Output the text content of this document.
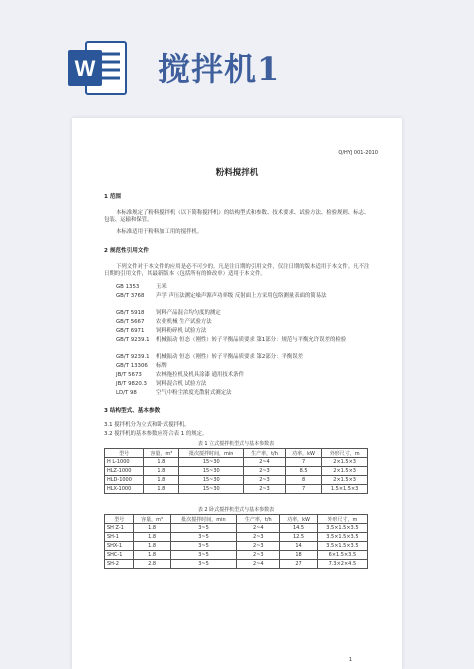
W 搅拌机1
Q/HYJ 001-2010
粉料搅拌机
1 范围
本标准规定了粉料搅拌机（以下简称搅拌机）的结构型式和参数、技术要求、试验方法、检验规则、标志、包装、运输和保管。
本标准适用于粉料加工用的搅拌机。
2 规范性引用文件
下列文件对于本文件的应用是必不可少的。凡是注日期的引用文件，仅注日期的版本适用于本文件。凡不注日期的引用文件，其最新版本（包括所有的修改单）适用于本文件。
GB 1353	玉米
GB/T 3768 声学 声压法测定噪声源声功率级 反射面上方采用包络测量表面的简易法
GB/T 5918 饲料产品混合均匀度的测定
GB/T 5667 农业机械 生产试验方法
GB/T 6971 饲料粉碎机 试验方法
GB/T 9239.1 机械振动 恒态（刚性）转子平衡品质要求 第1部分：规范与平衡允许误差的检验
GB/T 9239.1 机械振动 恒态（刚性）转子平衡品质要求 第2部分：平衡误差
GB/T 13306 标牌
JB/T 5673	农林拖拉机及机具涂漆 通用技术条件
JB/T 9820.3 饲料混合机 试验方法
LD/T 98	空气中粉尘浓度光散射式测定法
3 结构型式、基本参数
3.1 搅拌机分为立式和卧式搅拌机。
3.2 搅拌机的基本参数应符合表 1 的规定。
表 1 立式搅拌机型式与基本参数表
型号	容量，m³	批次搅拌时间，min	生产率，t/h	功率，kW	外形尺寸，m
H L-1000	1.8	15~30	2~4	7	2×1.5×3
HLZ-1000	1.8	15~30	2~3	8.5	2×1.5×3
HLD-1000	1.8	15~30	2~3	8	2×1.5×3
HLX-1000	1.8	15~30	2~3	7	1.5×1.5×3
表 2 卧式搅拌机型式与基本参数表
型号	容量，m³	批次搅拌时间，min	生产率，t/h	功率，kW	外形尺寸，m
SH Z-1	1.8	3~5	2~4	14.5	3.5×1.5×3.5
SH-1	1.8	3~5	2~3	12.5	3.5×1.5×3.5
SHX-1	1.8	3~5	2~3	14	3.5×1.5×3.5
SHC-1	1.8	3~5	2~3	18	6×1.5×3.5
SH-2	2.8	3~5	2~4	27	7.3×2×4.5
1
